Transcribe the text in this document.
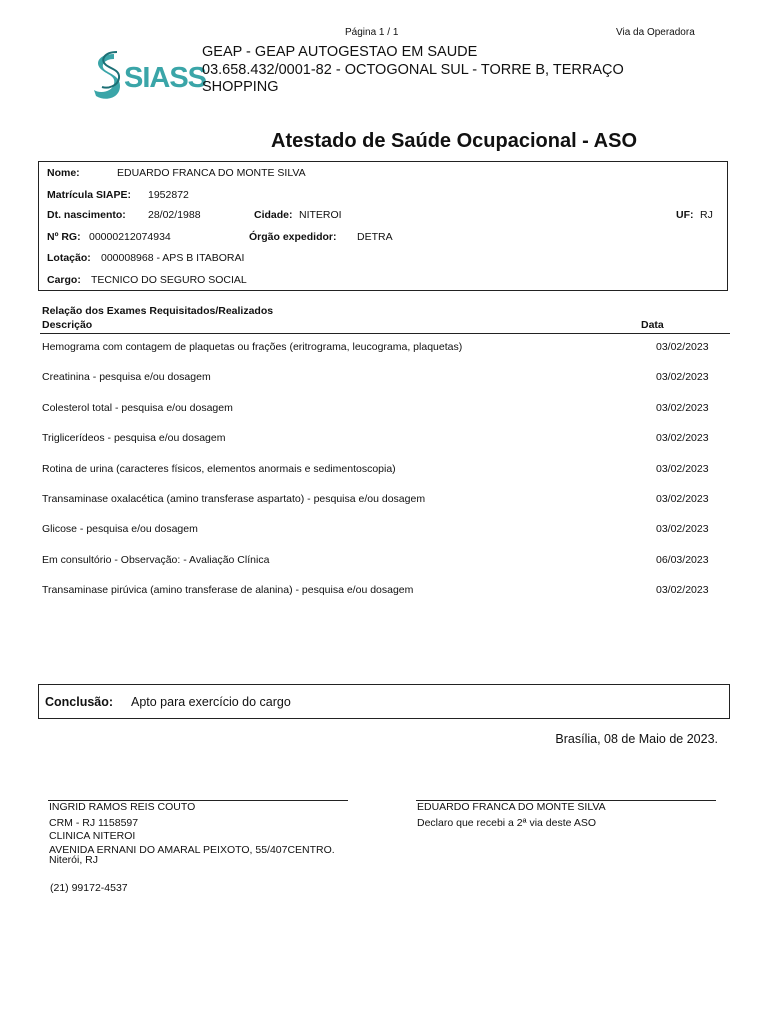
Página 1 / 1	Via da Operadora
SIASS
GEAP - GEAP AUTOGESTAO EM SAUDE
03.658.432/0001-82 - OCTOGONAL SUL - TORRE B, TERRAÇO
SHOPPING
Atestado de Saúde Ocupacional - ASO
Nome:	EDUARDO FRANCA DO MONTE SILVA
Matrícula SIAPE: 1952872
Dt. nascimento: 28/02/1988	Cidade: NITEROI	UF: RJ
Nº RG: 00000212074934	Órgão expedidor: DETRA
Lotação: 000008968 - APS B ITABORAI
Cargo: TECNICO DO SEGURO SOCIAL
Relação dos Exames Requisitados/Realizados
Descrição	Data
Hemograma com contagem de plaquetas ou frações (eritrograma, leucograma, plaquetas)	03/02/2023
Creatinina - pesquisa e/ou dosagem	03/02/2023
Colesterol total - pesquisa e/ou dosagem	03/02/2023
Triglicerídeos - pesquisa e/ou dosagem	03/02/2023
Rotina de urina (caracteres físicos, elementos anormais e sedimentoscopia)	03/02/2023
Transaminase oxalacética (amino transferase aspartato) - pesquisa e/ou dosagem	03/02/2023
Glicose - pesquisa e/ou dosagem	03/02/2023
Em consultório - Observação: - Avaliação Clínica	06/03/2023
Transaminase pirúvica (amino transferase de alanina) - pesquisa e/ou dosagem	03/02/2023
Conclusão: Apto para exercício do cargo
Brasília, 08 de Maio de 2023.
INGRID RAMOS REIS COUTO
CRM - RJ 1158597
CLINICA NITEROI
AVENIDA ERNANI DO AMARAL PEIXOTO, 55/407CENTRO.
Niterói, RJ
(21) 99172-4537
EDUARDO FRANCA DO MONTE SILVA
Declaro que recebi a 2ª via deste ASO
